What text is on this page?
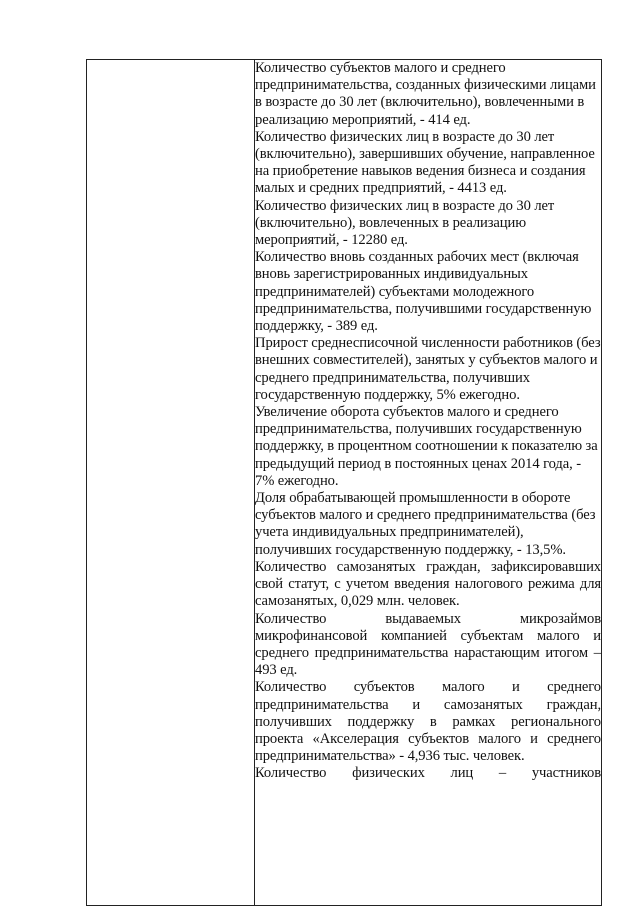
Количество субъектов малого и среднего предпринимательства, созданных физическими лицами в возрасте до 30 лет (включительно), вовлеченными в реализацию мероприятий, - 414 ед.

Количество физических лиц в возрасте до 30 лет (включительно), завершивших обучение, направленное на приобретение навыков ведения бизнеса и создания малых и средних предприятий, - 4413 ед.

Количество физических лиц в возрасте до 30 лет (включительно), вовлеченных в реализацию мероприятий, - 12280 ед.

Количество вновь созданных рабочих мест (включая вновь зарегистрированных индивидуальных предпринимателей) субъектами молодежного предпринимательства, получившими государственную поддержку, - 389 ед.

Прирост среднесписочной численности работников (без внешних совместителей), занятых у субъектов малого и среднего предпринимательства, получивших государственную поддержку, 5% ежегодно.

Увеличение оборота субъектов малого и среднего предпринимательства, получивших государственную поддержку, в процентном соотношении к показателю за предыдущий период в постоянных ценах 2014 года, - 7% ежегодно.

Доля обрабатывающей промышленности в обороте субъектов малого и среднего предпринимательства (без учета индивидуальных предпринимателей), получивших государственную поддержку, - 13,5%.

Количество самозанятых граждан, зафиксировавших свой статут, с учетом введения налогового режима для самозанятых, 0,029 млн. человек.

Количество выдаваемых микрозаймов микрофинансовой компанией субъектам малого и среднего предпринимательства нарастающим итогом – 493 ед.

Количество субъектов малого и среднего предпринимательства и самозанятых граждан, получивших поддержку в рамках регионального проекта «Акселерация субъектов малого и среднего предпринимательства» - 4,936 тыс. человек.

Количество физических лиц – участников
